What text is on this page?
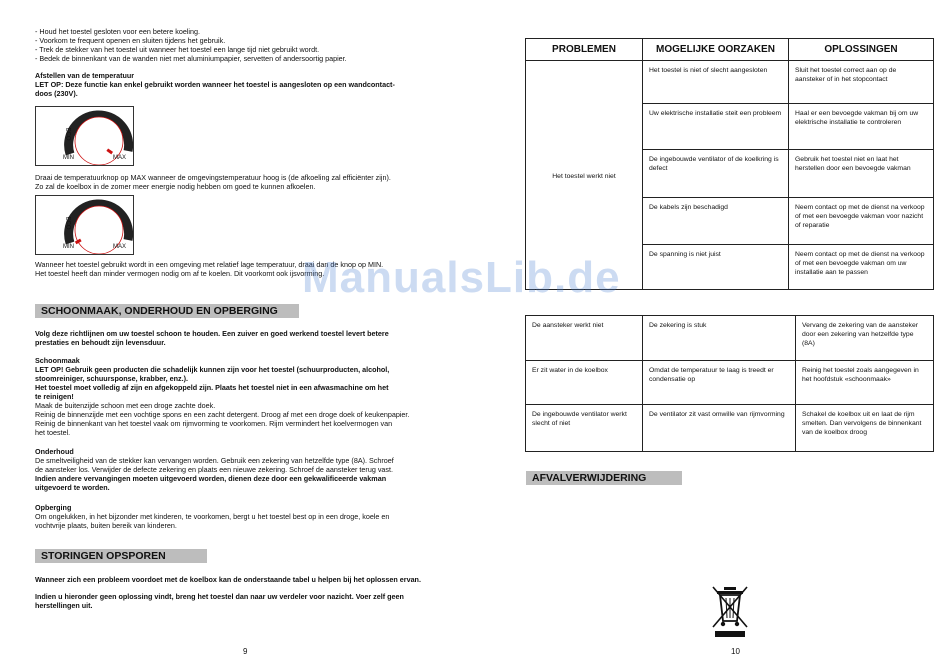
- Houd het toestel gesloten voor een betere koeling.
- Voorkom te frequent openen en sluiten tijdens het gebruik.
- Trek de stekker van het toestel uit wanneer het toestel een lange tijd niet gebruikt wordt.
- Bedek de binnenkant van de wanden niet met aluminiumpapier, servetten of andersoortig papier.
Afstellen van de temperatuur
LET OP: Deze functie kan enkel gebruikt worden wanneer het toestel is aangesloten op een wandcontact-
doos (230V).
ECO
MIN	MAX
Draai de temperatuurknop op MAX wanneer de omgevingstemperatuur hoog is (de afkoeling zal efficiënter zijn).
Zo zal de koelbox in de zomer meer energie nodig hebben om goed te kunnen afkoelen.
ECO
MIN	MAX
Wanneer het toestel gebruikt wordt in een omgeving met relatief lage temperatuur, draai dan de knop op MIN.
Het toestel heeft dan minder vermogen nodig om af te koelen. Dit voorkomt ook ijsvorming.
SCHOONMAAK, ONDERHOUD EN OPBERGING
Volg deze richtlijnen om uw toestel schoon te houden. Een zuiver en goed werkend toestel levert betere
prestaties en behoudt zijn levensduur.
Schoonmaak
LET OP! Gebruik geen producten die schadelijk kunnen zijn voor het toestel (schuurproducten, alcohol,
stoomreiniger, schuursponse, krabber, enz.).
Het toestel moet volledig af zijn en afgekoppeld zijn. Plaats het toestel niet in een afwasmachine om het
te reinigen!
Maak de buitenzijde schoon met een droge zachte doek.
Reinig de binnenzijde met een vochtige spons en een zacht detergent. Droog af met een droge doek of keukenpapier.
Reinig de binnenkant van het toestel vaak om rijmvorming te voorkomen. Rijm vermindert het koelvermogen van
het toestel.
Onderhoud
De smeltveiligheid van de stekker kan vervangen worden. Gebruik een zekering van hetzelfde type (8A). Schroef
de aansteker los. Verwijder de defecte zekering en plaats een nieuwe zekering. Schroef de aansteker terug vast.
Indien andere vervangingen moeten uitgevoerd worden, dienen deze door een gekwalificeerde vakman
uitgevoerd te worden.
Opberging
Om ongelukken, in het bijzonder met kinderen, te voorkomen, bergt u het toestel best op in een droge, koele en
vochtvrije plaats, buiten bereik van kinderen.
STORINGEN OPSPOREN
Wanneer zich een probleem voordoet met de koelbox kan de onderstaande tabel u helpen bij het oplossen ervan.
Indien u hieronder geen oplossing vindt, breng het toestel dan naar uw verdeler voor nazicht. Voer zelf geen
herstellingen uit.
9
PROBLEMEN	MOGELIJKE OORZAKEN	OPLOSSINGEN
Het toestel werkt niet	Het toestel is niet of slecht aangesloten	Sluit het toestel correct aan op de aansteker of in het stopcontact
	Uw elektrische installatie steit een probleem	Haal er een bevoegde vakman bij om uw elektrische installatie te controleren
	De ingebouwde ventilator of de koelkring is defect	Gebruik het toestel niet en laat het herstellen door een bevoegde vakman
	De kabels zijn beschadigd	Neem contact op met de dienst na verkoop of met een bevoegde vakman voor nazicht of reparatie
	De spanning is niet juist	Neem contact op met de dienst na verkoop of met een bevoegde vakman om uw installatie aan te passen
De aansteker werkt niet	De zekering is stuk	Vervang de zekering van de aansteker door een zekering van hetzelfde type (8A)
Er zit water in de koelbox	Omdat de temperatuur te laag is treedt er condensatie op	Reinig het toestel zoals aangegeven in het hoofdstuk «schoonmaak»
De ingebouwde ventilator werkt slecht of niet	De ventilator zit vast omwille van rijmvorming	Schakel de koelbox uit en laat de rijm smelten. Dan vervolgens de binnenkant van de koelbox droog
AFVALVERWIJDERING
10
ManualsLib.de
